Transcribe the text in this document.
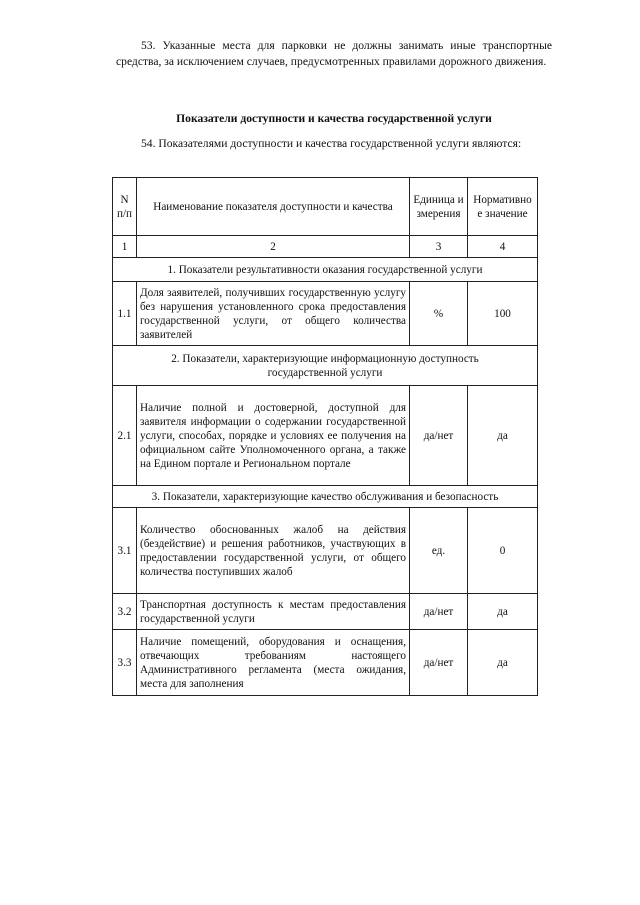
53. Указанные места для парковки не должны занимать иные транспортные средства, за исключением случаев, предусмотренных правилами дорожного движения.

Показатели доступности и качества государственной услуги

54. Показателями доступности и качества государственной услуги являются:

N п/п	Наименование показателя доступности и качества	Единица измерения	Нормативное значение
1	2	3	4
1. Показатели результативности оказания государственной услуги			
1.1	Доля заявителей, получивших государственную услугу без нарушения установленного срока предоставления государственной услуги, от общего количества заявителей	%	100
2. Показатели, характеризующие информационную доступность государственной услуги			
2.1	Наличие полной и достоверной, доступной для заявителя информации о содержании государственной услуги, способах, порядке и условиях ее получения на официальном сайте Уполномоченного органа, а также на Едином портале и Региональном портале	да/нет	да
3. Показатели, характеризующие качество обслуживания и безопасность			
3.1	Количество обоснованных жалоб на действия (бездействие) и решения работников, участвующих в предоставлении государственной услуги, от общего количества поступивших жалоб	ед.	0
3.2	Транспортная доступность к местам предоставления государственной услуги	да/нет	да
3.3	Наличие помещений, оборудования и оснащения, отвечающих требованиям настоящего Административного регламента (места ожидания, места для заполнения	да/нет	да
